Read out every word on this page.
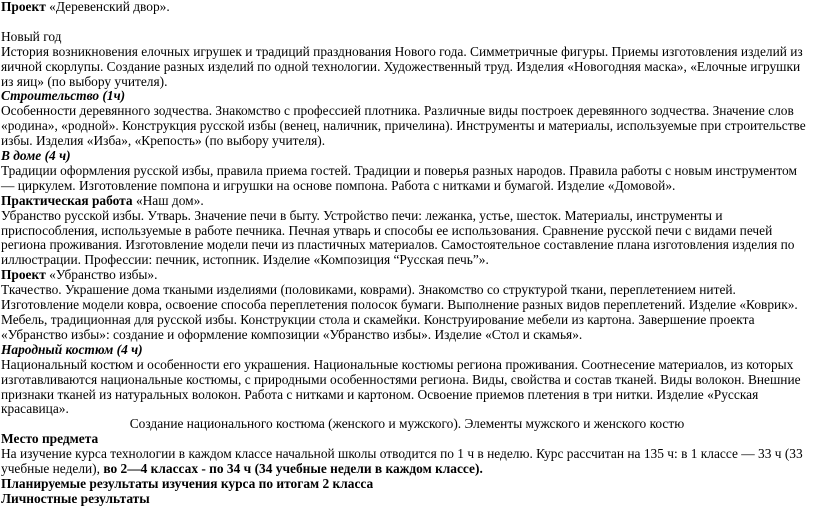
Проект «Деревенский двор».

Новый год

История возникновения елочных игрушек и традиций празднования Нового года. Симметричные фигуры. Приемы изготовления изделий из яичной скорлупы. Создание разных изделий по одной технологии. Художественный труд. Изделия «Новогодняя маска», «Елочные игрушки из яиц» (по выбору учителя).

Строительство (1ч)

Особенности деревянного зодчества. Знакомство с профессией плотника. Различные виды построек деревянного зодчества. Значение слов «родина», «родной». Конструкция русской избы (венец, наличник, причелина). Инструменты и материалы, используемые при строительстве избы. Изделия «Изба», «Крепость» (по выбору учителя).

В доме (4 ч)

Традиции оформления русской избы, правила приема гостей. Традиции и поверья разных народов. Правила работы с новым инструментом — циркулем. Изготовление помпона и игрушки на основе помпона. Работа с нитками и бумагой. Изделие «Домовой».

Практическая работа «Наш дом».

Убранство русской избы. Утварь. Значение печи в быту. Устройство печи: лежанка, устье, шесток. Материалы, инструменты и приспособления, используемые в работе печника. Печная утварь и способы ее использования. Сравнение русской печи с видами печей региона проживания. Изготовление модели печи из пластичных материалов. Самостоятельное составление плана изготовления изделия по иллюстрации. Профессии: печник, истопник. Изделие «Композиция “Русская печь”».

Проект «Убранство избы».

Ткачество. Украшение дома ткаными изделиями (половиками, коврами). Знакомство со структурой ткани, переплетением нитей. Изготовление модели ковра, освоение способа переплетения полосок бумаги. Выполнение разных видов переплетений. Изделие «Коврик». Мебель, традиционная для русской избы. Конструкции стола и скамейки. Конструирование мебели из картона. Завершение проекта «Убранство избы»: создание и оформление композиции «Убранство избы». Изделие «Стол и скамья».

Народный костюм (4 ч)

Национальный костюм и особенности его украшения. Национальные костюмы региона проживания. Соотнесение материалов, из которых изготавливаются национальные костюмы, с природными особенностями региона. Виды, свойства и состав тканей. Виды волокон. Внешние признаки тканей из натуральных волокон. Работа с нитками и картоном. Освоение приемов плетения в три нитки. Изделие «Русская красавица».

Создание национального костюма (женского и мужского). Элементы мужского и женского костю

Место предмета

На изучение курса технологии в каждом классе начальной школы отводится по 1 ч в неделю. Курс рассчитан на 135 ч: в 1 классе — 33 ч (33 учебные недели), во 2—4 классах - по 34 ч (34 учебные недели в каждом классе).

Планируемые результаты изучения курса по итогам 2 класса

Личностные результаты
